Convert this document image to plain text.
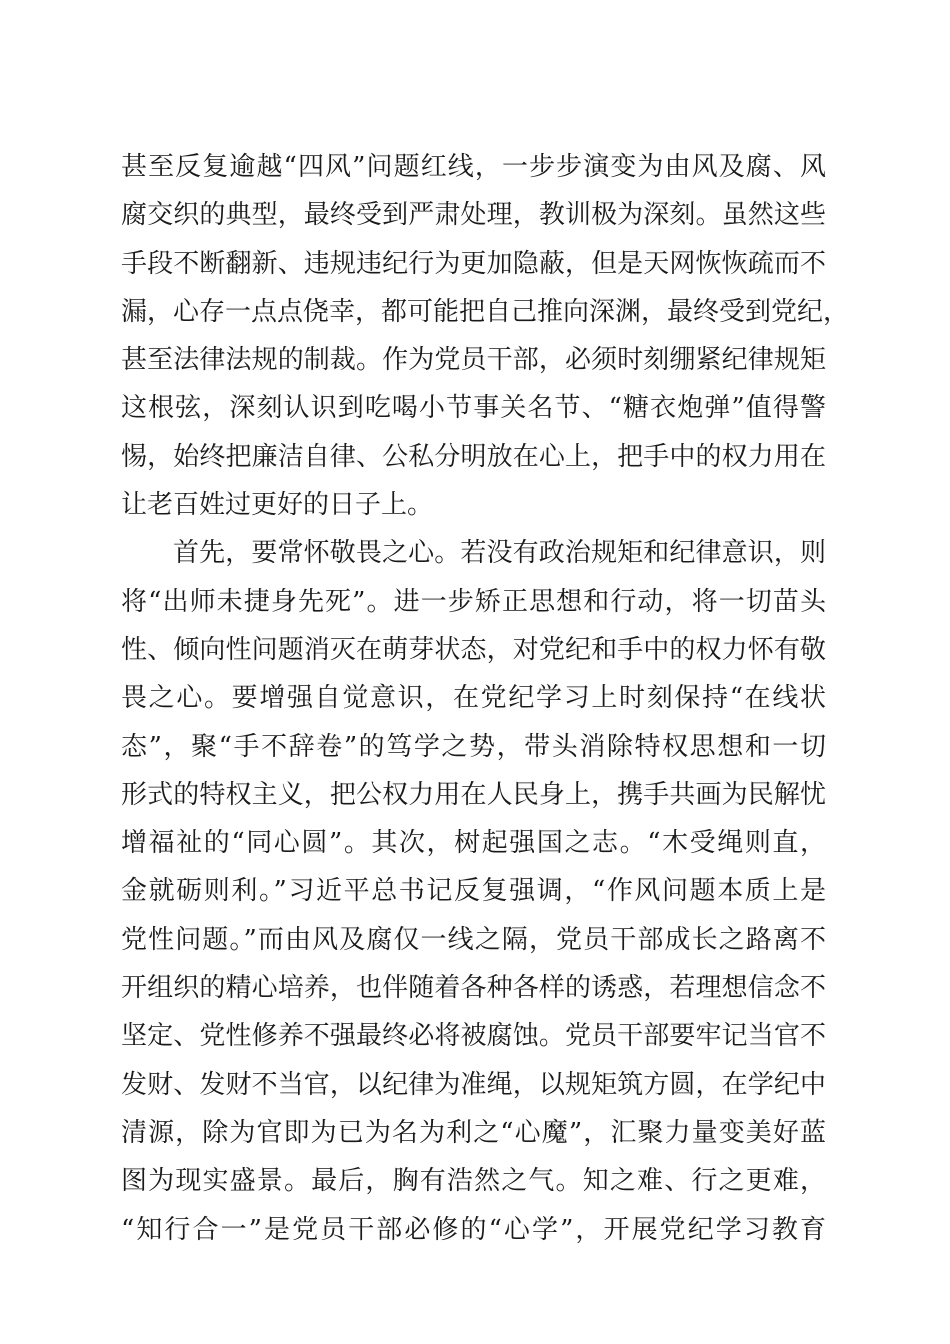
甚至反复逾越“四风”问题红线，一步步演变为由风及腐、风
腐交织的典型，最终受到严肃处理，教训极为深刻。虽然这些
手段不断翻新、违规违纪行为更加隐蔽，但是天网恢恢疏而不
漏，心存一点点侥幸，都可能把自己推向深渊，最终受到党纪，
甚至法律法规的制裁。作为党员干部，必须时刻绷紧纪律规矩
这根弦，深刻认识到吃喝小节事关名节、“糖衣炮弹”值得警
惕，始终把廉洁自律、公私分明放在心上，把手中的权力用在
让老百姓过更好的日子上。
首先，要常怀敬畏之心。若没有政治规矩和纪律意识，则
将“出师未捷身先死”。进一步矫正思想和行动，将一切苗头
性、倾向性问题消灭在萌芽状态，对党纪和手中的权力怀有敬
畏之心。要增强自觉意识，在党纪学习上时刻保持“在线状
态”，聚“手不辞卷”的笃学之势，带头消除特权思想和一切
形式的特权主义，把公权力用在人民身上，携手共画为民解忧
增福祉的“同心圆”。其次，树起强国之志。“木受绳则直，
金就砺则利。”习近平总书记反复强调，“作风问题本质上是
党性问题。”而由风及腐仅一线之隔，党员干部成长之路离不
开组织的精心培养，也伴随着各种各样的诱惑，若理想信念不
坚定、党性修养不强最终必将被腐蚀。党员干部要牢记当官不
发财、发财不当官，以纪律为准绳，以规矩筑方圆，在学纪中
清源，除为官即为已为名为利之“心魔”，汇聚力量变美好蓝
图为现实盛景。最后，胸有浩然之气。知之难、行之更难，
“知行合一”是党员干部必修的“心学”，开展党纪学习教育
